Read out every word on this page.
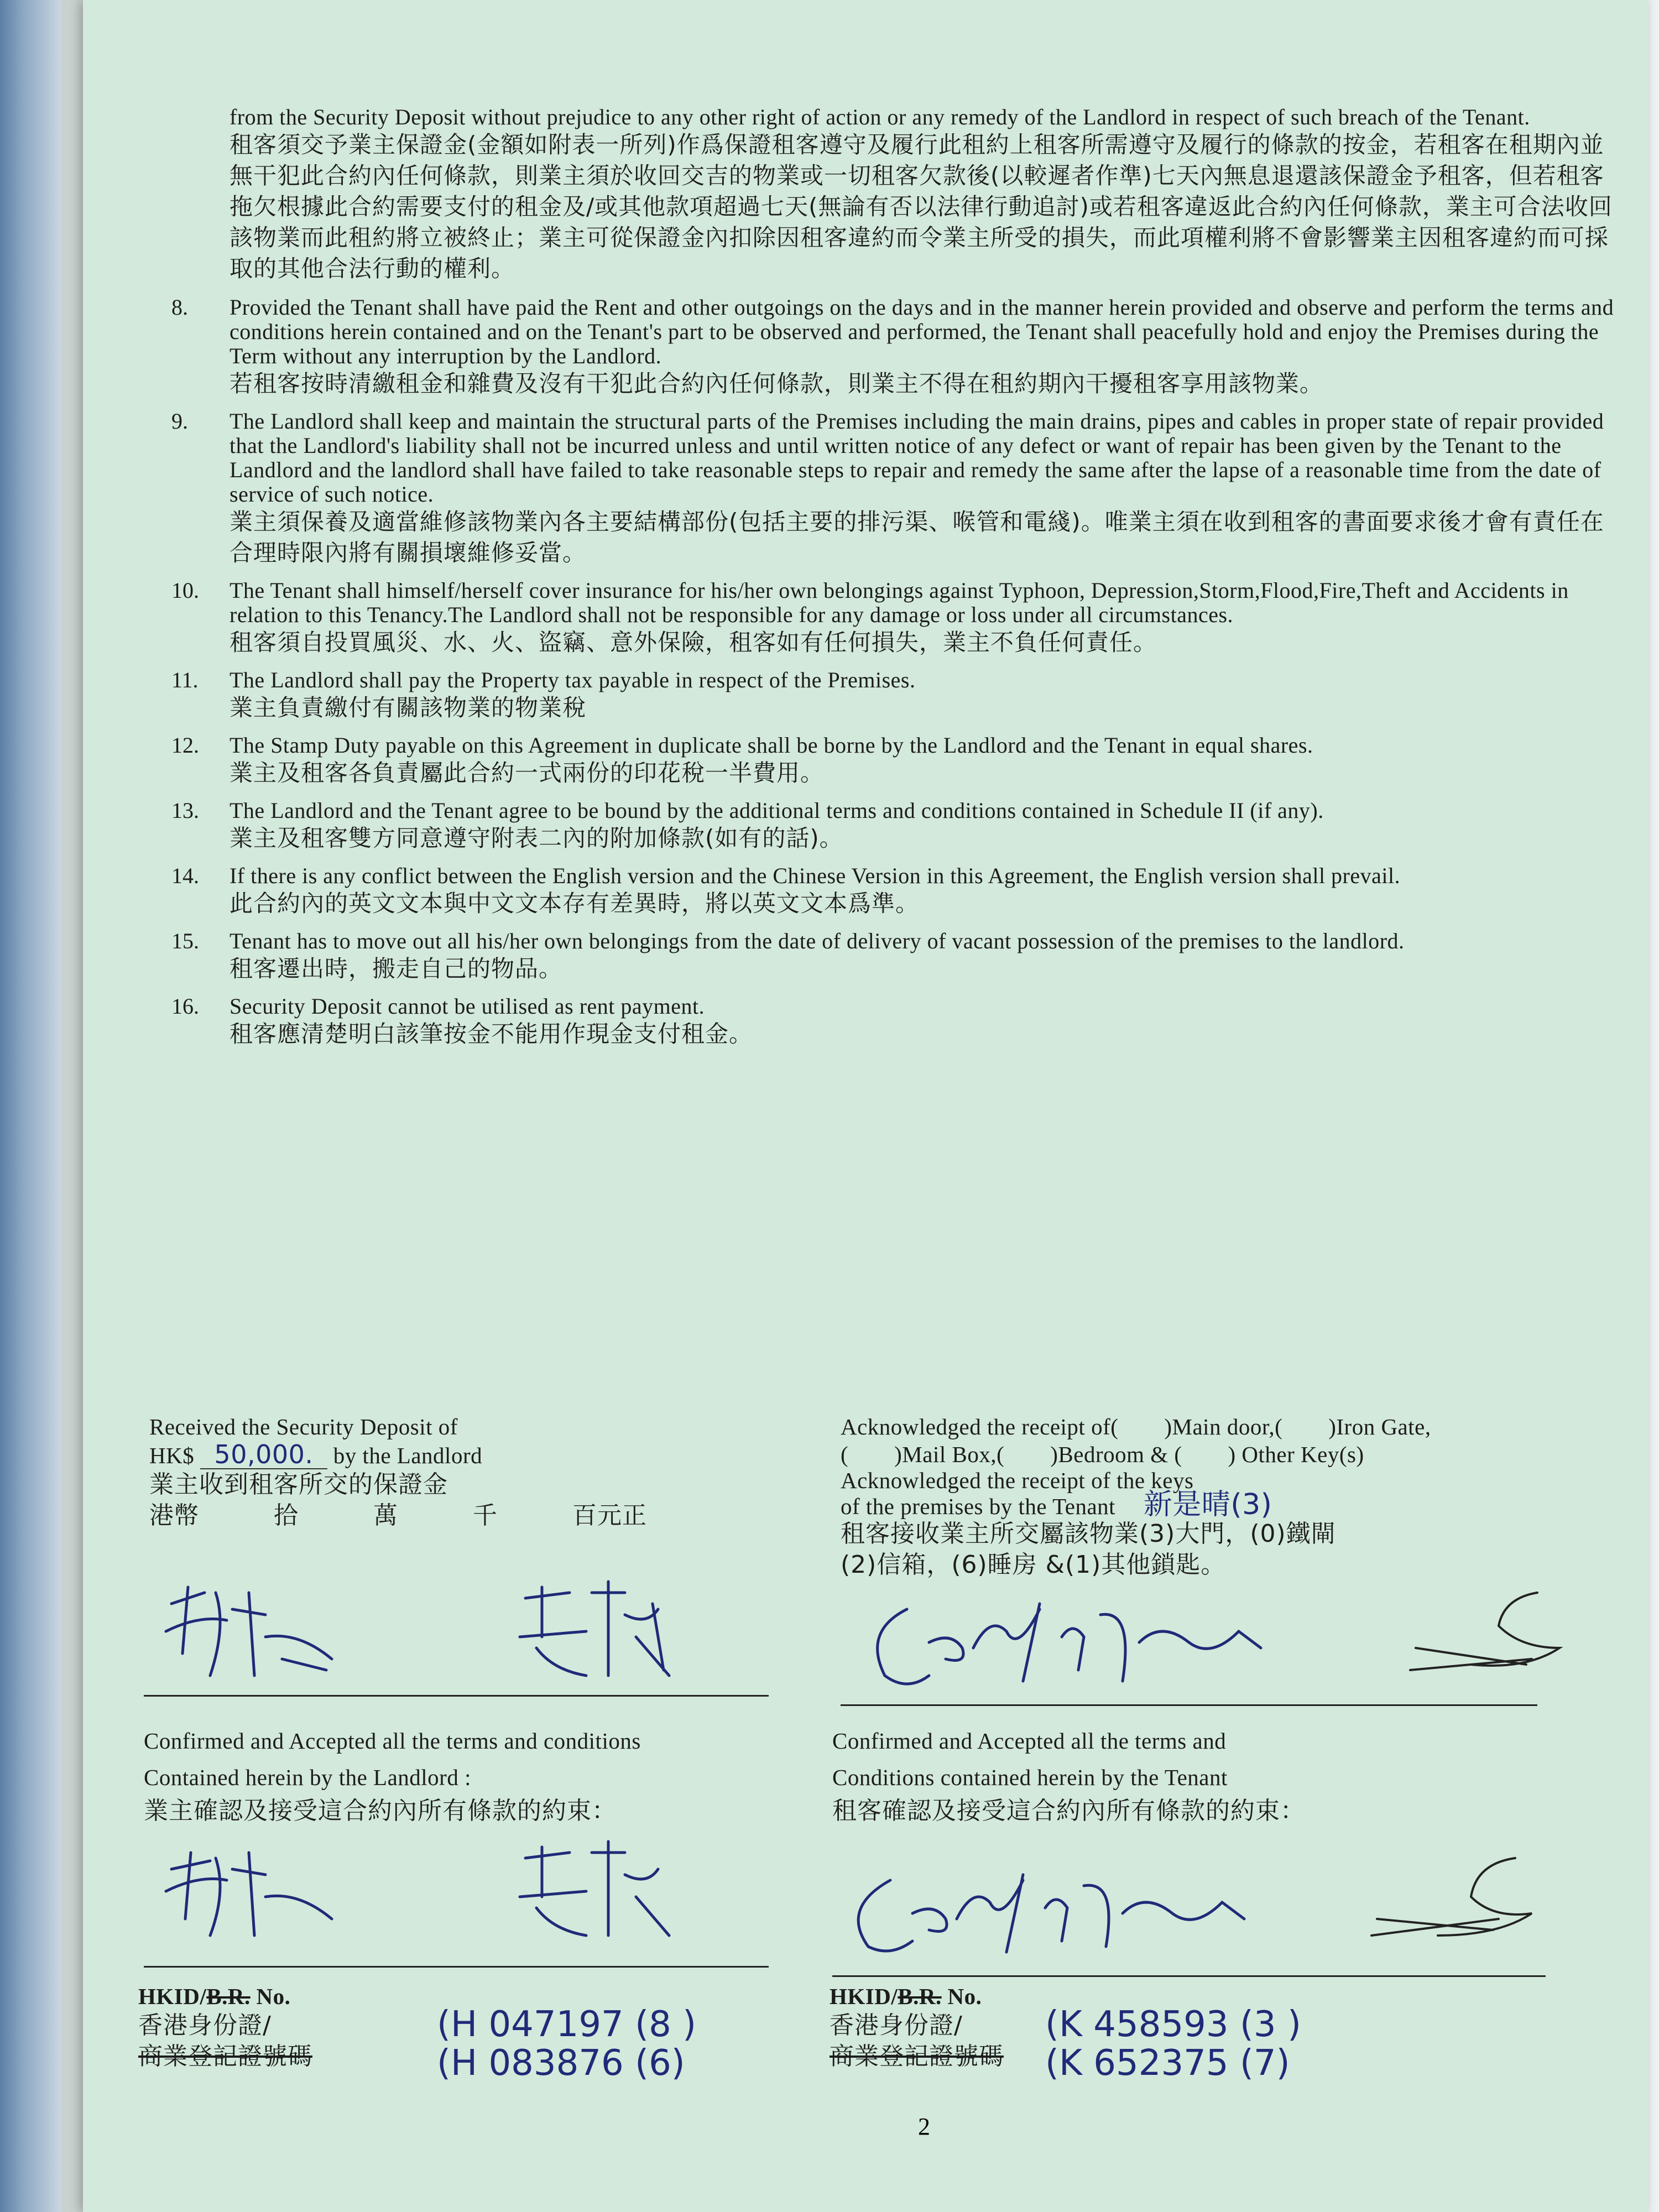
from the Security Deposit without prejudice to any other right of action or any remedy of the Landlord in respect of such breach of the Tenant.
租客須交予業主保證金(金額如附表一所列)作爲保證租客遵守及履行此租約上租客所需遵守及履行的條款的按金，若租客在租期內並無干犯此合約內任何條款，則業主須於收回交吉的物業或一切租客欠款後(以較遲者作準)七天內無息退還該保證金予租客，但若租客拖欠根據此合約需要支付的租金及/或其他款項超過七天(無論有否以法律行動追討)或若租客違返此合約內任何條款，業主可合法收回該物業而此租約將立被終止；業主可從保證金內扣除因租客違約而令業主所受的損失，而此項權利將不會影響業主因租客違約而可採取的其他合法行動的權利。
8. Provided the Tenant shall have paid the Rent and other outgoings on the days and in the manner herein provided and observe and perform the terms and conditions herein contained and on the Tenant's part to be observed and performed, the Tenant shall peacefully hold and enjoy the Premises during the Term without any interruption by the Landlord.
若租客按時清繳租金和雜費及沒有干犯此合約內任何條款，則業主不得在租約期內干擾租客享用該物業。
9. The Landlord shall keep and maintain the structural parts of the Premises including the main drains, pipes and cables in proper state of repair provided that the Landlord's liability shall not be incurred unless and until written notice of any defect or want of repair has been given by the Tenant to the Landlord and the landlord shall have failed to take reasonable steps to repair and remedy the same after the lapse of a reasonable time from the date of service of such notice.
業主須保養及適當維修該物業內各主要結構部份(包括主要的排污渠、喉管和電綫)。唯業主須在收到租客的書面要求後才會有責任在合理時限內將有關損壞維修妥當。
10. The Tenant shall himself/herself cover insurance for his/her own belongings against Typhoon, Depression,Storm,Flood,Fire,Theft and Accidents in relation to this Tenancy.The Landlord shall not be responsible for any damage or loss under all circumstances.
租客須自投買風災、水、火、盜竊、意外保險，租客如有任何損失，業主不負任何責任。
11. The Landlord shall pay the Property tax payable in respect of the Premises.
業主負責繳付有關該物業的物業稅
12. The Stamp Duty payable on this Agreement in duplicate shall be borne by the Landlord and the Tenant in equal shares.
業主及租客各負責屬此合約一式兩份的印花稅一半費用。
13. The Landlord and the Tenant agree to be bound by the additional terms and conditions contained in Schedule II (if any).
業主及租客雙方同意遵守附表二內的附加條款(如有的話)。
14. If there is any conflict between the English version and the Chinese Version in this Agreement, the English version shall prevail.
此合約內的英文文本與中文文本存有差異時，將以英文文本爲準。
15. Tenant has to move out all his/her own belongings from the date of delivery of vacant possession of the premises to the landlord.
租客遷出時，搬走自己的物品。
16. Security Deposit cannot be utilised as rent payment.
租客應清楚明白該筆按金不能用作現金支付租金。
Received the Security Deposit of
HK$ 50,000. by the Landlord
業主收到租客所交的保證金
港幣　　　拾　　　萬　　　千　　　百元正
Acknowledged the receipt of(　　)Main door,(　　)Iron Gate,
(　　)Mail Box,(　　)Bedroom & (　　) Other Key(s)
Acknowledged the receipt of the keys
of the premises by the Tenant 新是晴(3)
租客接收業主所交屬該物業(3)大門，(0)鐵閘
(2)信箱，(6)睡房 &(1)其他鎖匙。
Confirmed and Accepted all the terms and conditions
Contained herein by the Landlord :
業主確認及接受這合約內所有條款的約束：
Confirmed and Accepted all the terms and
Conditions contained herein by the Tenant
租客確認及接受這合約內所有條款的約束：
HKID/B.R. No.
香港身份證/
商業登記證號碼
(H 047197 (8 )
(H 083876 (6)
HKID/B.R. No.
香港身份證/
商業登記證號碼
(K 458593 (3 )
(K 652375 (7)
2
